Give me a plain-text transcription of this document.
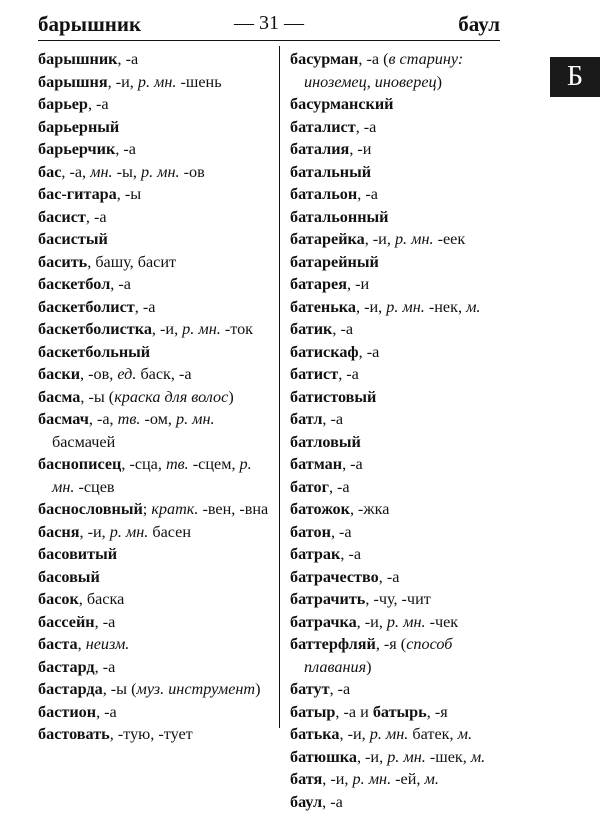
барышник	— 31 —	баул
Б
барышник, -а
барышня, -и, р. мн. -шень
барьер, -а
барьерный
барьерчик, -а
бас, -а, мн. -ы, р. мн. -ов
бас-гитара, -ы
басист, -а
басистый
басить, башу, басит
баскетбол, -а
баскетболист, -а
баскетболистка, -и, р. мн. -ток
баскетбольный
баски, -ов, ед. баск, -а
басма, -ы (краска для волос)
басмач, -а, тв. -ом, р. мн. басмачей
баснописец, -сца, тв. -сцем, р. мн. -сцев
баснословный; кратк. -вен, -вна
басня, -и, р. мн. басен
басовитый
басовый
басок, баска
бассейн, -а
баста, неизм.
бастард, -а
бастарда, -ы (муз. инструмент)
бастион, -а
бастовать, -тую, -тует
басурман, -а (в старину: иноземец, иноверец)
басурманский
баталист, -а
баталия, -и
батальный
батальон, -а
батальонный
батарейка, -и, р. мн. -еек
батарейный
батарея, -и
батенька, -и, р. мн. -нек, м.
батик, -а
батискаф, -а
батист, -а
батистовый
батл, -а
батловый
батман, -а
батог, -а
батожок, -жка
батон, -а
батрак, -а
батрачество, -а
батрачить, -чу, -чит
батрачка, -и, р. мн. -чек
баттерфляй, -я (способ плавания)
батут, -а
батыр, -а и батырь, -я
батька, -и, р. мн. батек, м.
батюшка, -и, р. мн. -шек, м.
батя, -и, р. мн. -ей, м.
баул, -а
